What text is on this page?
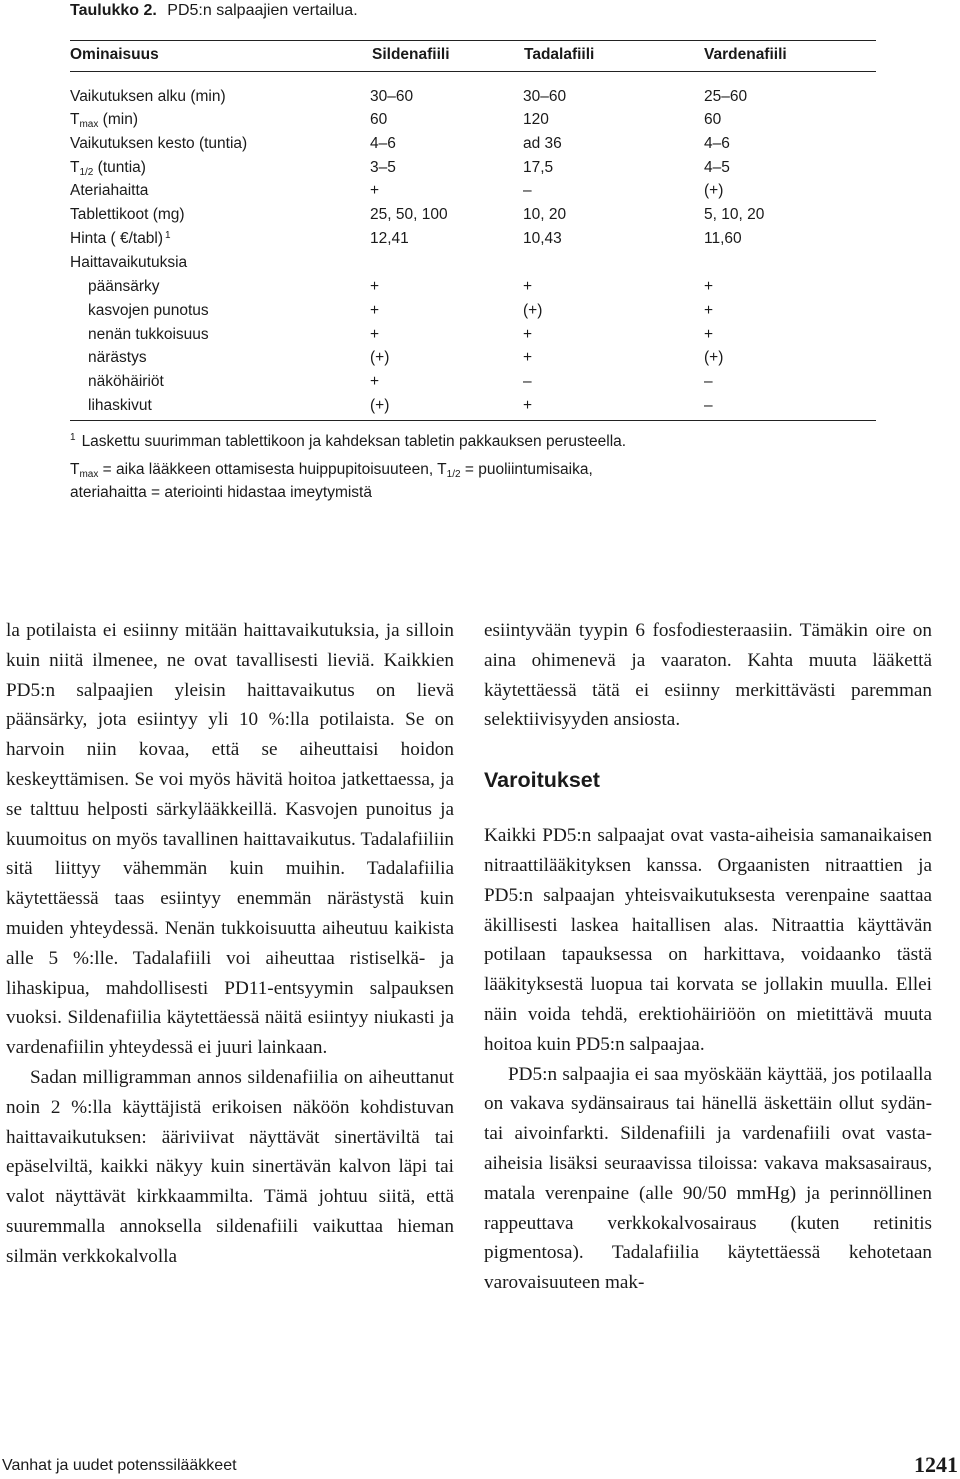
Taulukko 2. PD5:n salpaajien vertailua.
Ominaisuus	Sildenafiili	Tadalafiili	Vardenafiili
Vaikutuksen alku (min)	30–60	30–60	25–60
$T_{max}$ (min)	60	120	60
Vaikutuksen kesto (tuntia)	4–6	ad 36	4–6
$T_{1/2}$ (tuntia)	3–5	17,5	4–5
Ateriahaitta	+	–	(+)
Tablettikoot (mg)	25, 50, 100	10, 20	5, 10, 20
Hinta ( €/tabl) $^1$	12,41	10,43	11,60
Haittavaikutuksia
päänsärky	+	+	+
kasvojen punotus	+	(+)	+
nenän tukkoisuus	+	+	+
närästys	(+)	+	(+)
näköhäiriöt	+	–	–
lihaskivut	(+)	+	–
$^1$ Laskettu suurimman tablettikoon ja kahdeksan tabletin pakkauksen perusteella.
$T_{max}$ = aika lääkkeen ottamisesta huippupitoisuuteen, $T_{1/2}$ = puoliintumisaika,
ateriahaitta = ateriointi hidastaa imeytymistä

la potilaista ei esiinny mitään haittavaikutuksia, ja silloin kuin niitä ilmenee, ne ovat tavallisesti lieviä. Kaikkien PD5:n salpaajien yleisin haittavaikutus on lievä päänsärky, jota esiintyy yli 10 %:lla potilaista. Se on harvoin niin kovaa, että se aiheuttaisi hoidon keskeyttämisen. Se voi myös hävitä hoitoa jatkettaessa, ja se talttuu helposti särkylääkkeillä. Kasvojen punoitus ja kuumoitus on myös tavallinen haittavaikutus. Tadalafiiliin sitä liittyy vähemmän kuin muihin. Tadalafiilia käytettäessä taas esiintyy enemmän närästystä kuin muiden yhteydessä. Nenän tukkoisuutta aiheutuu kaikista alle 5 %:lle. Tadalafiili voi aiheuttaa ristiselkä- ja lihaskipua, mahdollisesti PD11-entsyymin salpauksen vuoksi. Sildenafiilia käytettäessä näitä esiintyy niukasti ja vardenafiilin yhteydessä ei juuri lainkaan.

Sadan milligramman annos sildenafiilia on aiheuttanut noin 2 %:lla käyttäjistä erikoisen näköön kohdistuvan haittavaikutuksen: ääriviivat näyttävät sinertäviltä tai epäselviltä, kaikki näkyy kuin sinertävän kalvon läpi tai valot näyttävät kirkkaammilta. Tämä johtuu siitä, että suuremmalla annoksella sildenafiili vaikuttaa hieman silmän verkkokalvolla

esiintyvään tyypin 6 fosfodiesteraasiin. Tämäkin oire on aina ohimenevä ja vaaraton. Kahta muuta lääkettä käytettäessä tätä ei esiinny merkittävästi paremman selektiivisyyden ansiosta.

Varoitukset

Kaikki PD5:n salpaajat ovat vasta-aiheisia samanaikaisen nitraattilääkityksen kanssa. Orgaanisten nitraattien ja PD5:n salpaajan yhteisvaikutuksesta verenpaine saattaa äkillisesti laskea haitallisen alas. Nitraattia käyttävän potilaan tapauksessa on harkittava, voidaanko tästä lääkityksestä luopua tai korvata se jollakin muulla. Ellei näin voida tehdä, erektiohäiriöön on mietittävä muuta hoitoa kuin PD5:n salpaajaa.

PD5:n salpaajia ei saa myöskään käyttää, jos potilaalla on vakava sydänsairaus tai hänellä äskettäin ollut sydän- tai aivoinfarkti. Sildenafiili ja vardenafiili ovat vasta-aiheisia lisäksi seuraavissa tiloissa: vakava maksasairaus, matala verenpaine (alle 90/50 mmHg) ja perinnöllinen rappeuttava verkkokalvosairaus (kuten retinitis pigmentosa). Tadalafiilia käytettäessä kehotetaan varovaisuuteen mak-

Vanhat ja uudet potenssilääkkeet	1241
